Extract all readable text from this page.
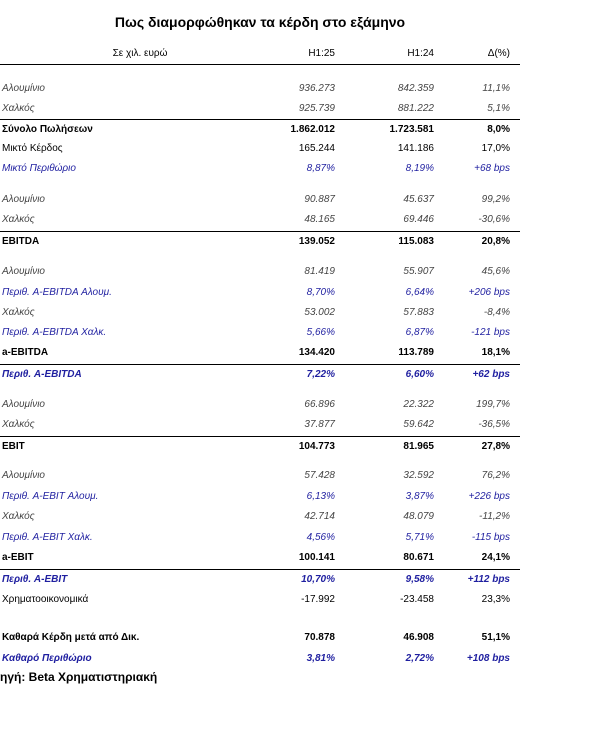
Πως διαμορφώθηκαν τα κέρδη στο εξάμηνο
Σε χιλ. ευρώ	H1:25	H1:24	Δ(%)
Αλουμίνιο	936.273	842.359	11,1%
Χαλκός	925.739	881.222	5,1%
Σύνολο Πωλήσεων	1.862.012	1.723.581	8,0%
Μικτό Κέρδος	165.244	141.186	17,0%
Μικτό Περιθώριο	8,87%	8,19%	+68 bps
Αλουμίνιο	90.887	45.637	99,2%
Χαλκός	48.165	69.446	-30,6%
EBITDA	139.052	115.083	20,8%
Αλουμίνιο	81.419	55.907	45,6%
Περιθ. A-EBITDA Αλουμ.	8,70%	6,64%	+206 bps
Χαλκός	53.002	57.883	-8,4%
Περιθ. A-EBITDA Χαλκ.	5,66%	6,87%	-121 bps
a-EBITDA	134.420	113.789	18,1%
Περιθ. A-EBITDA	7,22%	6,60%	+62 bps
Αλουμίνιο	66.896	22.322	199,7%
Χαλκός	37.877	59.642	-36,5%
EBIT	104.773	81.965	27,8%
Αλουμίνιο	57.428	32.592	76,2%
Περιθ. A-EBIT Αλουμ.	6,13%	3,87%	+226 bps
Χαλκός	42.714	48.079	-11,2%
Περιθ. A-EBIT Χαλκ.	4,56%	5,71%	-115 bps
a-EBIT	100.141	80.671	24,1%
Περιθ. A-EBIT	10,70%	9,58%	+112 bps
Χρηματοοικονομικά	-17.992	-23.458	23,3%
Καθαρά Κέρδη μετά από Δικ.	70.878	46.908	51,1%
Καθαρό Περιθώριο	3,81%	2,72%	+108 bps
ηγή: Beta Χρηματιστηριακή
